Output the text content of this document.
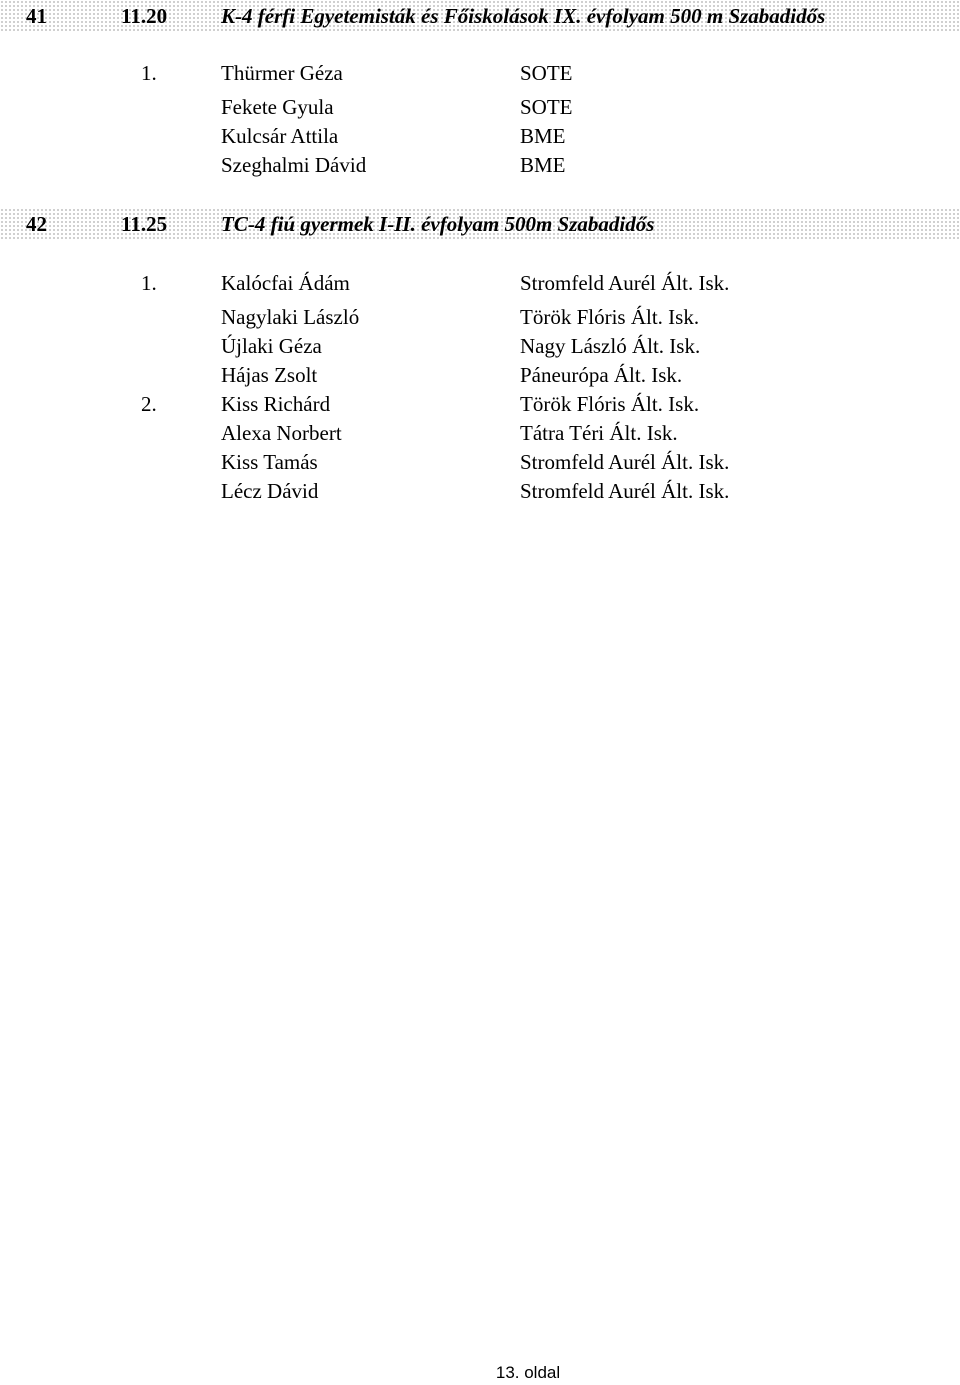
41	11.20	K-4 férfi Egyetemisták és Főiskolások IX. évfolyam 500 m Szabadidős
1.	Thürmer Géza	SOTE
Fekete Gyula	SOTE
Kulcsár Attila	BME
Szeghalmi Dávid	BME
42	11.25	TC-4 fiú gyermek I-II. évfolyam 500m Szabadidős
1.	Kalócfai Ádám	Stromfeld Aurél Ált. Isk.
Nagylaki László	Török Flóris Ált. Isk.
Újlaki Géza	Nagy László Ált. Isk.
Hájas Zsolt	Páneurópa Ált. Isk.
2.	Kiss Richárd	Török Flóris Ált. Isk.
Alexa Norbert	Tátra Téri Ált. Isk.
Kiss Tamás	Stromfeld Aurél Ált. Isk.
Lécz Dávid	Stromfeld Aurél Ált. Isk.
13. oldal
